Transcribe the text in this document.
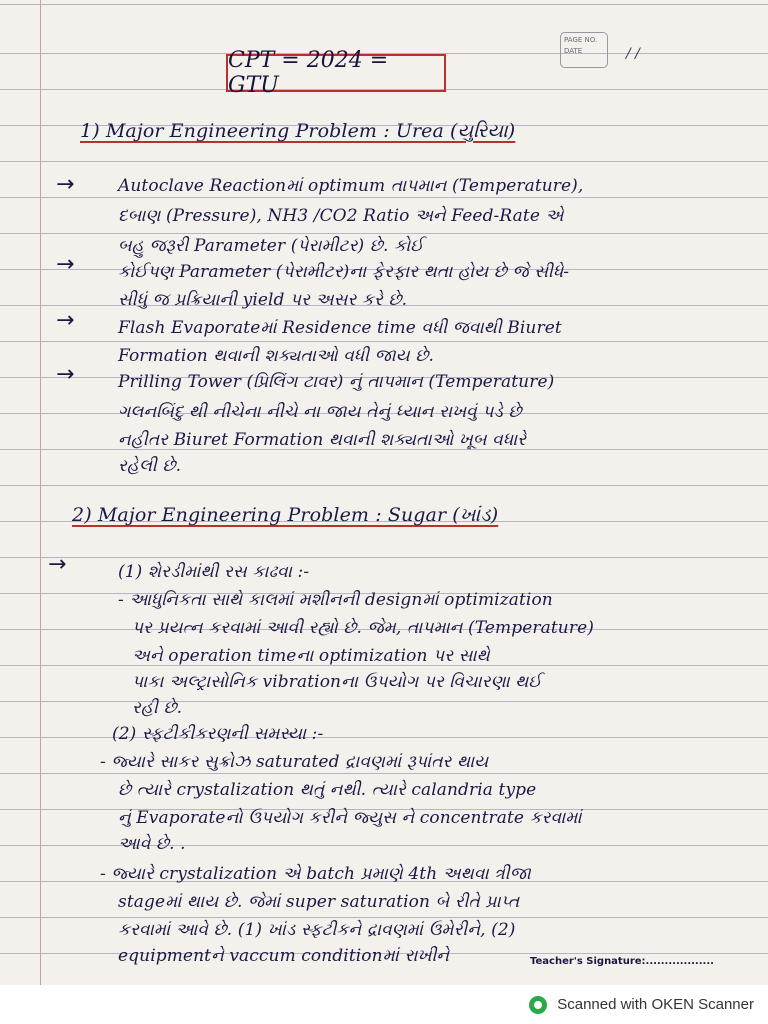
PAGE NO.
DATE	/ /
CPT = 2024 = GTU
1) Major Engineering Problem : Urea (યુરિયા)
→	Autoclave Reactionમાં optimum તાપમાન (Temperature),
દબાણ (Pressure), NH3 /CO2 Ratio અને Feed-Rate એ
બહુ જરૂરી Parameter (પેરામીટર) છે. કોઈ
→	કોઈપણ Parameter (પેરામીટર)ના ફેરફાર થતા હોય છે જે સીધે-
સીધું જ પ્રક્રિયાની yield પર અસર કરે છે.
→	Flash Evaporateમાં Residence time વધી જવાથી Biuret
Formation થવાની શક્યતાઓ વધી જાય છે.
→	Prilling Tower (પ્રિલિંગ ટાવર) નું તાપમાન (Temperature)
ગલનબિંદુ થી નીચેના નીચે ના જાય તેનું ધ્યાન રાખવું પડે છે
નહીતર Biuret Formation થવાની શક્યતાઓ ખૂબ વધારે
રહેલી છે.
2) Major Engineering Problem : Sugar (ખાંડ)
→	(1) શેરડીમાંથી રસ કાઢવા :-
- આધુનિકતા સાથે કાલમાં મશીનની designમાં optimization
પર પ્રયત્ન કરવામાં આવી રહ્યો છે. જેમ, તાપમાન (Temperature)
અને operation timeના optimization પર સાથે
પાકા અલ્ટ્રાસોનિક vibrationના ઉપયોગ પર વિચારણા થઈ
રહી છે.
(2) સ્ફટીકીકરણની સમસ્યા :-
- જ્યારે સાકર સુક્રોઝ saturated દ્રાવણમાં રૂપાંતર થાય
છે ત્યારે crystalization થતું નથી. ત્યારે calandria type
નું Evaporateનો ઉપયોગ કરીને જ્યુસ ને concentrate કરવામાં
આવે છે. .
- જ્યારે crystalization એ batch પ્રમાણે 4th અથવા ત્રીજા
stageમાં થાય છે. જેમાં super saturation બે રીતે પ્રાપ્ત
કરવામાં આવે છે. (1) ખાંડ સ્ફટીકને દ્રાવણમાં ઉમેરીને, (2)
equipmentને vaccum conditionમાં રાખીને	Teacher's Signature:..................
Scanned with OKEN Scanner
